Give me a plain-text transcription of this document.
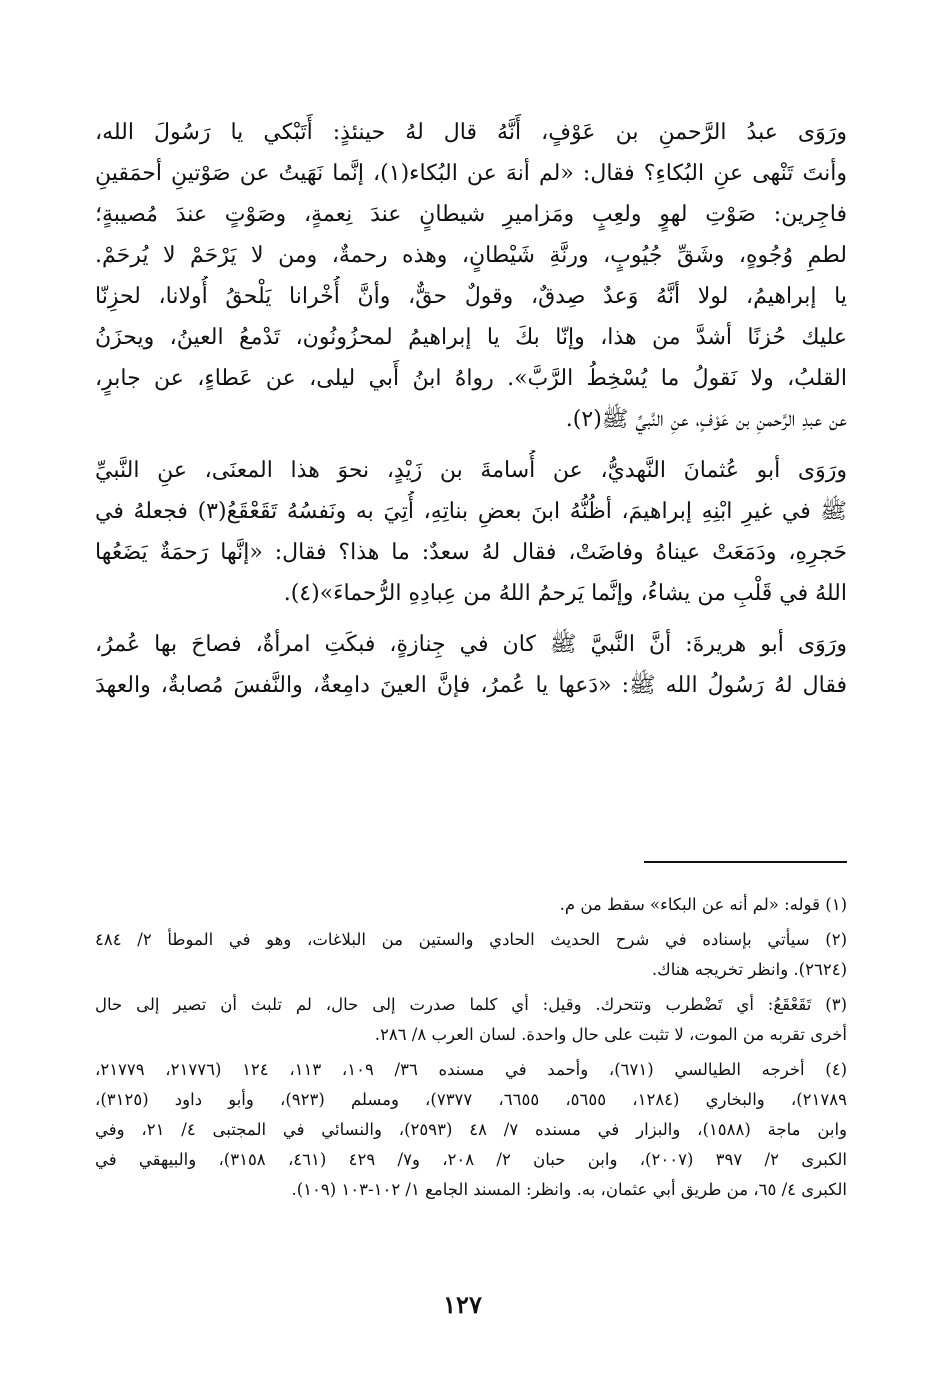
ورَوَى عبدُ الرَّحمنِ بن عَوْفٍ، أَنَّهُ قال لهُ حينئذٍ: أَتَبْكي يا رَسُولَ الله،
وأنتَ تَنْهى عنِ البُكاءِ؟ فقال: «لم أنهَ عن البُكاء(١)، إنَّما نَهَيتُ عن صَوْتينِ أحمَقينِ
فاجِرين: صَوْتِ لهوٍ ولعِبٍ ومَزاميرِ شيطانٍ عندَ نِعمةٍ، وصَوْتٍ عندَ مُصيبةٍ؛
لطمِ وُجُوهٍ، وشَقِّ جُيُوبٍ، ورنَّةِ شَيْطانٍ، وهذه رحمةٌ، ومن لا يَرْحَمْ لا يُرحَمْ.
يا إبراهيمُ، لولا أنَّهُ وَعدٌ صِدقٌ، وقولٌ حقٌّ، وأنَّ أُخْرانا يَلْحقُ أُولانا، لحزِنّا
عليك حُزنًا أشدَّ من هذا، وإنّا بكَ يا إبراهيمُ لمحزُونُون، تَدْمعُ العينُ، ويحزَنُ
القلبُ، ولا نَقولُ ما يُسْخِطُ الرَّبَّ». رواهُ ابنُ أَبي ليلى، عن عَطاءٍ، عن جابرٍ،
عن عبدِ الرَّحمنِ بن عَوْفٍ، عنِ النَّبيِّ ﷺ(٢).
ورَوَى أبو عُثمانَ النَّهديُّ، عن أُسامةَ بن زَيْدٍ، نحوَ هذا المعنَى، عنِ النَّبيِّ
ﷺ في غيرِ ابْنِهِ إبراهيمَ، أظُنُّهُ ابنَ بعضِ بناتِهِ، أُتِيَ به ونَفسُهُ تَقَعْقَعُ(٣) فجعلهُ في
حَجرِهِ، ودَمَعَتْ عيناهُ وفاضَتْ، فقال لهُ سعدٌ: ما هذا؟ فقال: «إنَّها رَحمَةٌ يَضَعُها
اللهُ في قَلْبِ من يشاءُ، وإنَّما يَرحمُ اللهُ من عِبادِهِ الرُّحماءَ»(٤).
ورَوَى أبو هريرةَ: أنَّ النَّبيَّ ﷺ كان في جِنازةٍ، فبكَتِ امرأةٌ، فصاحَ بها عُمرُ،
فقال لهُ رَسُولُ الله ﷺ: «دَعها يا عُمرُ، فإنَّ العينَ دامِعةٌ، والنَّفسَ مُصابةٌ، والعهدَ
(١) قوله: «لم أنه عن البكاء» سقط من م.
(٢) سيأتي بإسناده في شرح الحديث الحادي والستين من البلاغات، وهو في الموطأ ٢/ ٤٨٤
(٢٦٢٤). وانظر تخريجه هناك.
(٣) تَقَعْقَعُ: أي تَضْطرب وتتحرك. وقيل: أي كلما صدرت إلى حال، لم تلبث أن تصير إلى حال
أخرى تقربه من الموت، لا تثبت على حال واحدة. لسان العرب ٨/ ٢٨٦.
(٤) أخرجه الطيالسي (٦٧١)، وأحمد في مسنده ٣٦/ ١٠٩، ١١٣، ١٢٤ (٢١٧٧٦، ٢١٧٧٩،
٢١٧٨٩)، والبخاري (١٢٨٤، ٥٦٥٥، ٦٦٥٥، ٧٣٧٧)، ومسلم (٩٢٣)، وأبو داود (٣١٢٥)،
وابن ماجة (١٥٨٨)، والبزار في مسنده ٧/ ٤٨ (٢٥٩٣)، والنسائي في المجتبى ٤/ ٢١، وفي
الكبرى ٢/ ٣٩٧ (٢٠٠٧)، وابن حبان ٢/ ٢٠٨، و٧/ ٤٢٩ (٤٦١، ٣١٥٨)، والبيهقي في
الكبرى ٤/ ٦٥، من طريق أبي عثمان، به. وانظر: المسند الجامع ١/ ١٠٢-١٠٣ (١٠٩).
١٢٧
